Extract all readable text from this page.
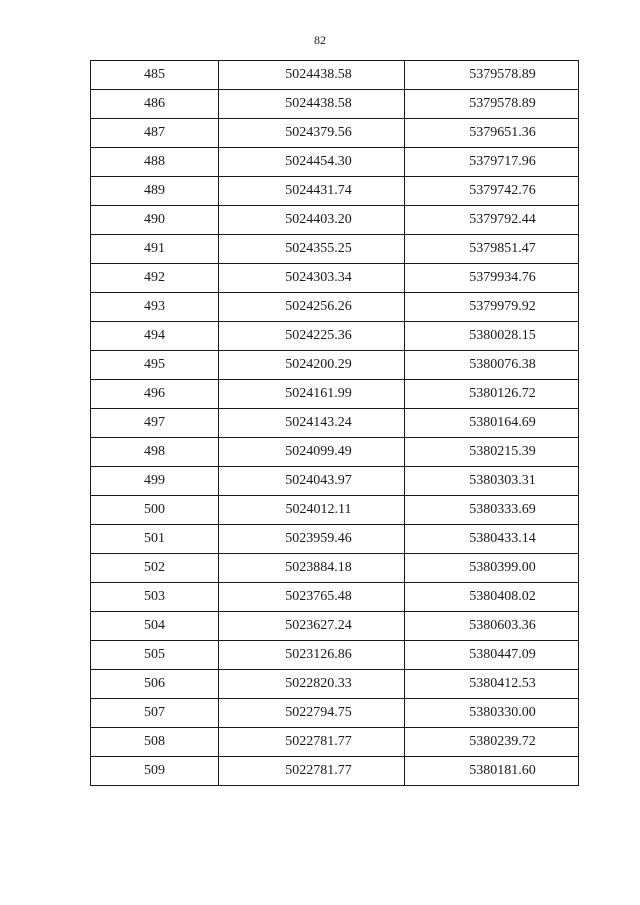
82
485	5024438.58	5379578.89
486	5024438.58	5379578.89
487	5024379.56	5379651.36
488	5024454.30	5379717.96
489	5024431.74	5379742.76
490	5024403.20	5379792.44
491	5024355.25	5379851.47
492	5024303.34	5379934.76
493	5024256.26	5379979.92
494	5024225.36	5380028.15
495	5024200.29	5380076.38
496	5024161.99	5380126.72
497	5024143.24	5380164.69
498	5024099.49	5380215.39
499	5024043.97	5380303.31
500	5024012.11	5380333.69
501	5023959.46	5380433.14
502	5023884.18	5380399.00
503	5023765.48	5380408.02
504	5023627.24	5380603.36
505	5023126.86	5380447.09
506	5022820.33	5380412.53
507	5022794.75	5380330.00
508	5022781.77	5380239.72
509	5022781.77	5380181.60
